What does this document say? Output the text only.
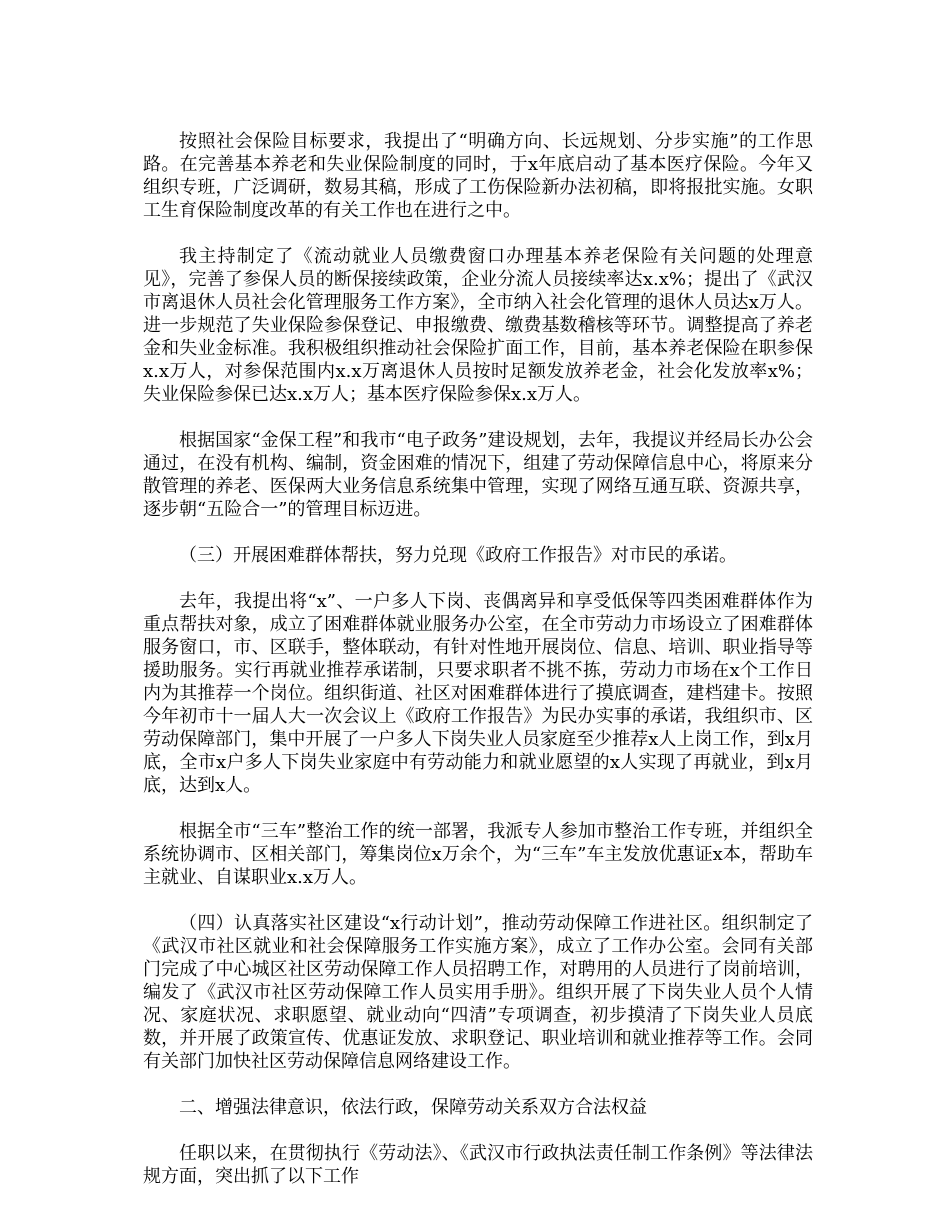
按照社会保险目标要求，我提出了“明确方向、长远规划、分步实施”的工作思路。在完善基本养老和失业保险制度的同时，于x年底启动了基本医疗保险。今年又组织专班，广泛调研，数易其稿，形成了工伤保险新办法初稿，即将报批实施。女职工生育保险制度改革的有关工作也在进行之中。

我主持制定了《流动就业人员缴费窗口办理基本养老保险有关问题的处理意见》，完善了参保人员的断保接续政策，企业分流人员接续率达x.x%；提出了《武汉市离退休人员社会化管理服务工作方案》，全市纳入社会化管理的退休人员达x万人。进一步规范了失业保险参保登记、申报缴费、缴费基数稽核等环节。调整提高了养老金和失业金标准。我积极组织推动社会保险扩面工作，目前，基本养老保险在职参保x.x万人，对参保范围内x.x万离退休人员按时足额发放养老金，社会化发放率x%；失业保险参保已达x.x万人；基本医疗保险参保x.x万人。

根据国家“金保工程”和我市“电子政务”建设规划，去年，我提议并经局长办公会通过，在没有机构、编制，资金困难的情况下，组建了劳动保障信息中心，将原来分散管理的养老、医保两大业务信息系统集中管理，实现了网络互通互联、资源共享，逐步朝“五险合一”的管理目标迈进。

（三）开展困难群体帮扶，努力兑现《政府工作报告》对市民的承诺。

去年，我提出将“x”、一户多人下岗、丧偶离异和享受低保等四类困难群体作为重点帮扶对象，成立了困难群体就业服务办公室，在全市劳动力市场设立了困难群体服务窗口，市、区联手，整体联动，有针对性地开展岗位、信息、培训、职业指导等援助服务。实行再就业推荐承诺制，只要求职者不挑不拣，劳动力市场在x个工作日内为其推荐一个岗位。组织街道、社区对困难群体进行了摸底调查，建档建卡。按照今年初市十一届人大一次会议上《政府工作报告》为民办实事的承诺，我组织市、区劳动保障部门，集中开展了一户多人下岗失业人员家庭至少推荐x人上岗工作，到x月底，全市x户多人下岗失业家庭中有劳动能力和就业愿望的x人实现了再就业，到x月底，达到x人。

根据全市“三车”整治工作的统一部署，我派专人参加市整治工作专班，并组织全系统协调市、区相关部门，筹集岗位x万余个，为“三车”车主发放优惠证x本，帮助车主就业、自谋职业x.x万人。

（四）认真落实社区建设“x行动计划”，推动劳动保障工作进社区。组织制定了《武汉市社区就业和社会保障服务工作实施方案》，成立了工作办公室。会同有关部门完成了中心城区社区劳动保障工作人员招聘工作，对聘用的人员进行了岗前培训，编发了《武汉市社区劳动保障工作人员实用手册》。组织开展了下岗失业人员个人情况、家庭状况、求职愿望、就业动向“四清”专项调查，初步摸清了下岗失业人员底数，并开展了政策宣传、优惠证发放、求职登记、职业培训和就业推荐等工作。会同有关部门加快社区劳动保障信息网络建设工作。

二、增强法律意识，依法行政，保障劳动关系双方合法权益

任职以来，在贯彻执行《劳动法》、《武汉市行政执法责任制工作条例》等法律法规方面，突出抓了以下工作
